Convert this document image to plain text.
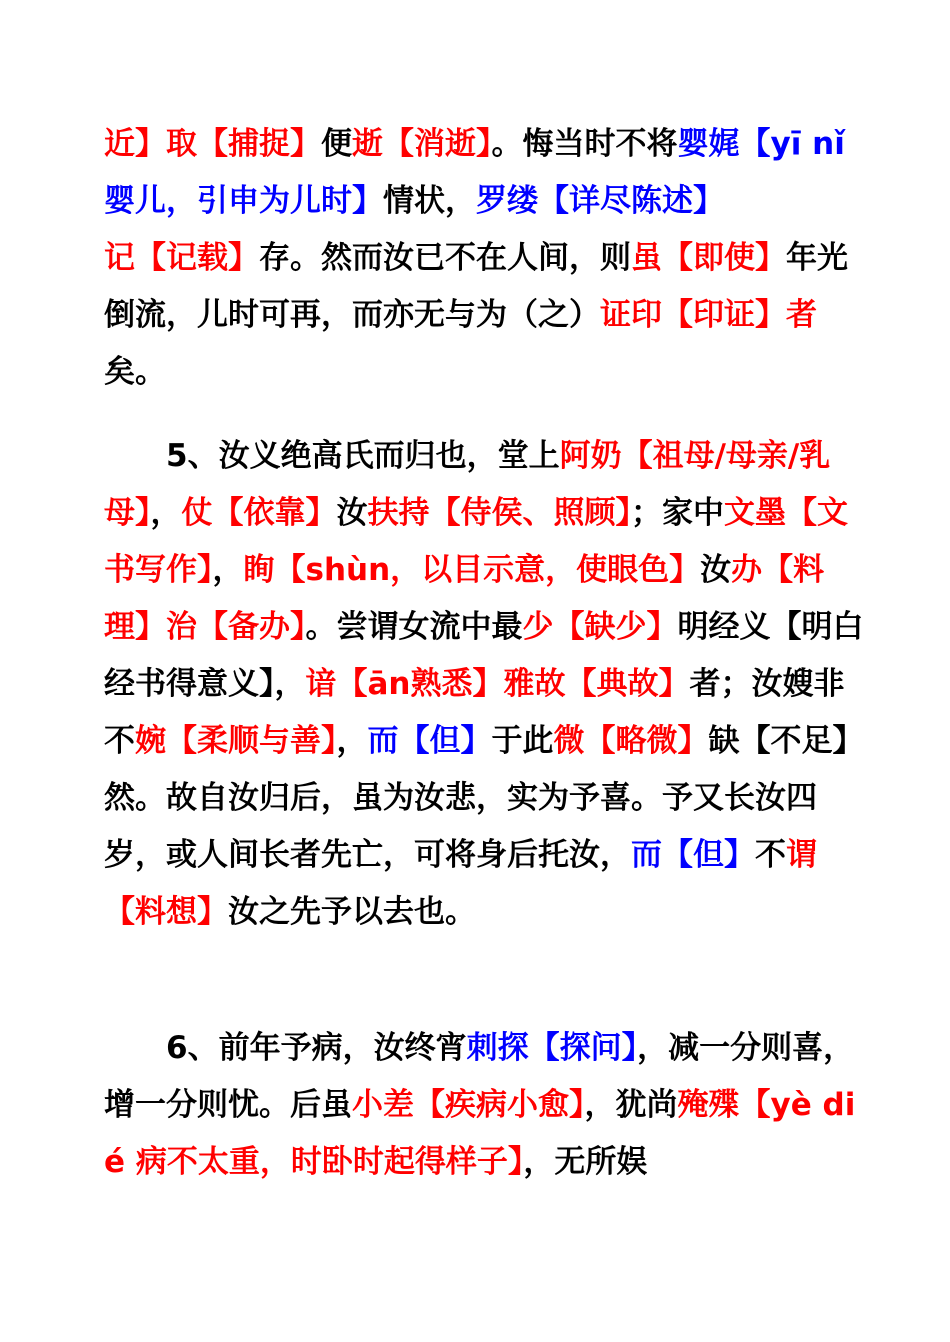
近】取【捕捉】便逝【消逝】。悔当时不将婴娓【yī nǐ 婴儿，引申为儿时】情状，罗缕【详尽陈述】记【记载】存。然而汝已不在人间，则虽【即使】年光倒流，儿时可再，而亦无与为（之）证印【印证】者矣。

5、汝义绝高氏而归也，堂上阿奶【祖母/母亲/乳母】，仗【依靠】汝扶持【侍侯、照顾】；家中文墨【文书写作】，眴【shùn，以目示意，使眼色】汝办【料理】治【备办】。尝谓女流中最少【缺少】明经义【明白经书得意义】，谙【ān熟悉】雅故【典故】者；汝嫂非不婉【柔顺与善】，而【但】于此微【略微】缺【不足】然。故自汝归后，虽为汝悲，实为予喜。予又长汝四岁，或人间长者先亡，可将身后托汝，而【但】不谓【料想】汝之先予以去也。

6、前年予病，汝终宵刺探【探问】，减一分则喜，增一分则忧。后虽小差【疾病小愈】，犹尚殗殜【yè dié 病不太重，时卧时起得样子】，无所娱
